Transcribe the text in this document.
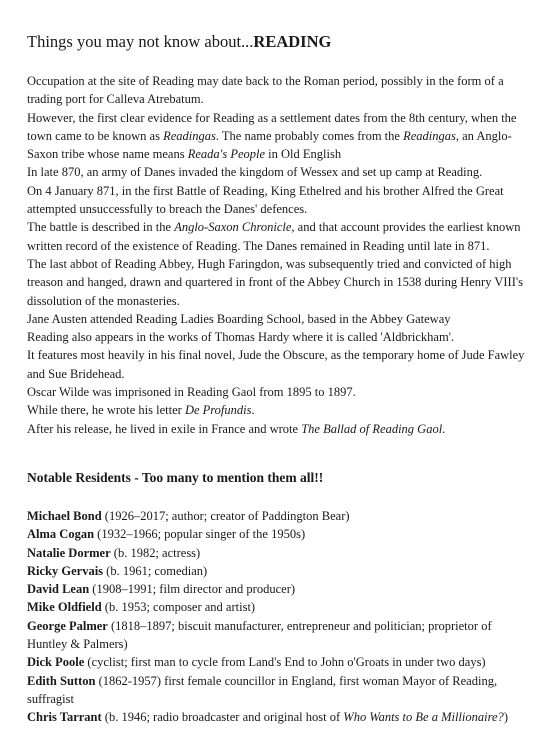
Things you may not know about...READING

Occupation at the site of Reading may date back to the Roman period, possibly in the form of a trading port for Calleva Atrebatum.

However, the first clear evidence for Reading as a settlement dates from the 8th century, when the town came to be known as Readingas. The name probably comes from the Readingas, an Anglo-Saxon tribe whose name means Reada's People in Old English

In late 870, an army of Danes invaded the kingdom of Wessex and set up camp at Reading.

On 4 January 871, in the first Battle of Reading, King Ethelred and his brother Alfred the Great attempted unsuccessfully to breach the Danes' defences.

The battle is described in the Anglo-Saxon Chronicle, and that account provides the earliest known written record of the existence of Reading. The Danes remained in Reading until late in 871.

The last abbot of Reading Abbey, Hugh Faringdon, was subsequently tried and convicted of high treason and hanged, drawn and quartered in front of the Abbey Church in 1538 during Henry VIII's dissolution of the monasteries.

Jane Austen attended Reading Ladies Boarding School, based in the Abbey Gateway

Reading also appears in the works of Thomas Hardy where it is called 'Aldbrickham'.

It features most heavily in his final novel, Jude the Obscure, as the temporary home of Jude Fawley and Sue Bridehead.

Oscar Wilde was imprisoned in Reading Gaol from 1895 to 1897.

While there, he wrote his letter De Profundis.

After his release, he lived in exile in France and wrote The Ballad of Reading Gaol.

Notable Residents - Too many to mention them all!!
Michael Bond (1926–2017; author; creator of Paddington Bear)
Alma Cogan (1932–1966; popular singer of the 1950s)
Natalie Dormer (b. 1982; actress)
Ricky Gervais (b. 1961; comedian)
David Lean (1908–1991; film director and producer)
Mike Oldfield (b. 1953; composer and artist)
George Palmer (1818–1897; biscuit manufacturer, entrepreneur and politician; proprietor of Huntley & Palmers)
Dick Poole (cyclist; first man to cycle from Land's End to John o'Groats in under two days)
Edith Sutton (1862-1957) first female councillor in England, first woman Mayor of Reading, suffragist
Chris Tarrant (b. 1946; radio broadcaster and original host of Who Wants to Be a Millionaire?)
